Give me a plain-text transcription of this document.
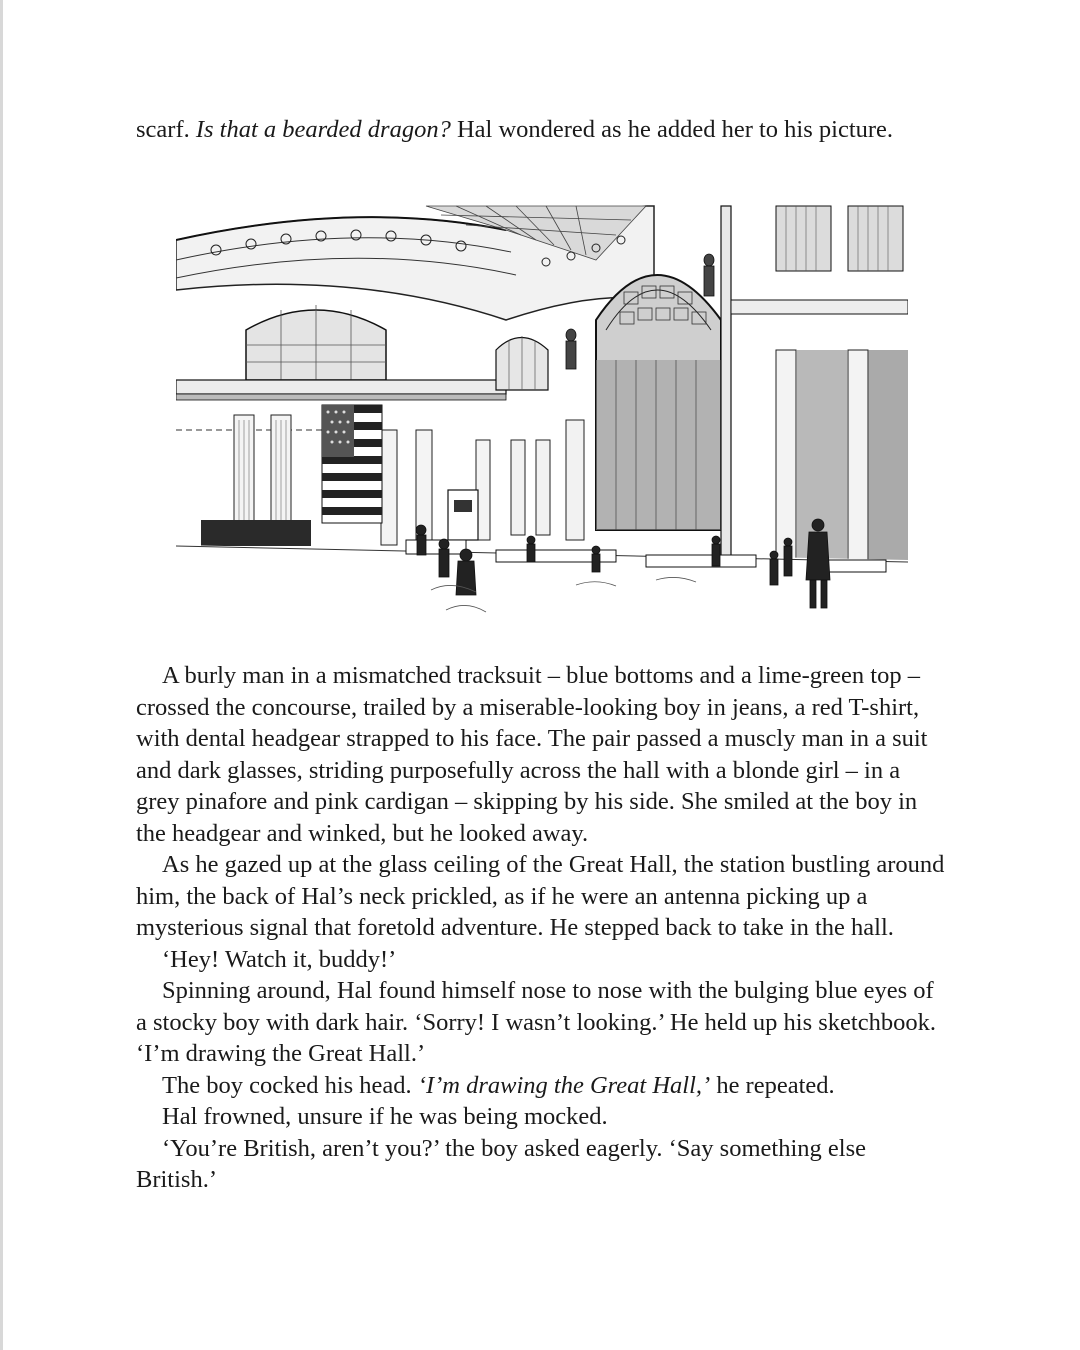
scarf. Is that a bearded dragon? Hal wondered as he added her to his picture.

A burly man in a mismatched tracksuit – blue bottoms and a lime-green top – crossed the concourse, trailed by a miserable-looking boy in jeans, a red T-shirt, with dental headgear strapped to his face. The pair passed a muscly man in a suit and dark glasses, striding purposefully across the hall with a blonde girl – in a grey pinafore and pink cardigan – skipping by his side. She smiled at the boy in the headgear and winked, but he looked away.

As he gazed up at the glass ceiling of the Great Hall, the station bustling around him, the back of Hal’s neck prickled, as if he were an antenna picking up a mysterious signal that foretold adventure. He stepped back to take in the hall.

‘Hey! Watch it, buddy!’

Spinning around, Hal found himself nose to nose with the bulging blue eyes of a stocky boy with dark hair. ‘Sorry! I wasn’t looking.’ He held up his sketchbook. ‘I’m drawing the Great Hall.’

The boy cocked his head. ‘I’m drawing the Great Hall,’ he repeated.

Hal frowned, unsure if he was being mocked.

‘You’re British, aren’t you?’ the boy asked eagerly. ‘Say something else British.’
